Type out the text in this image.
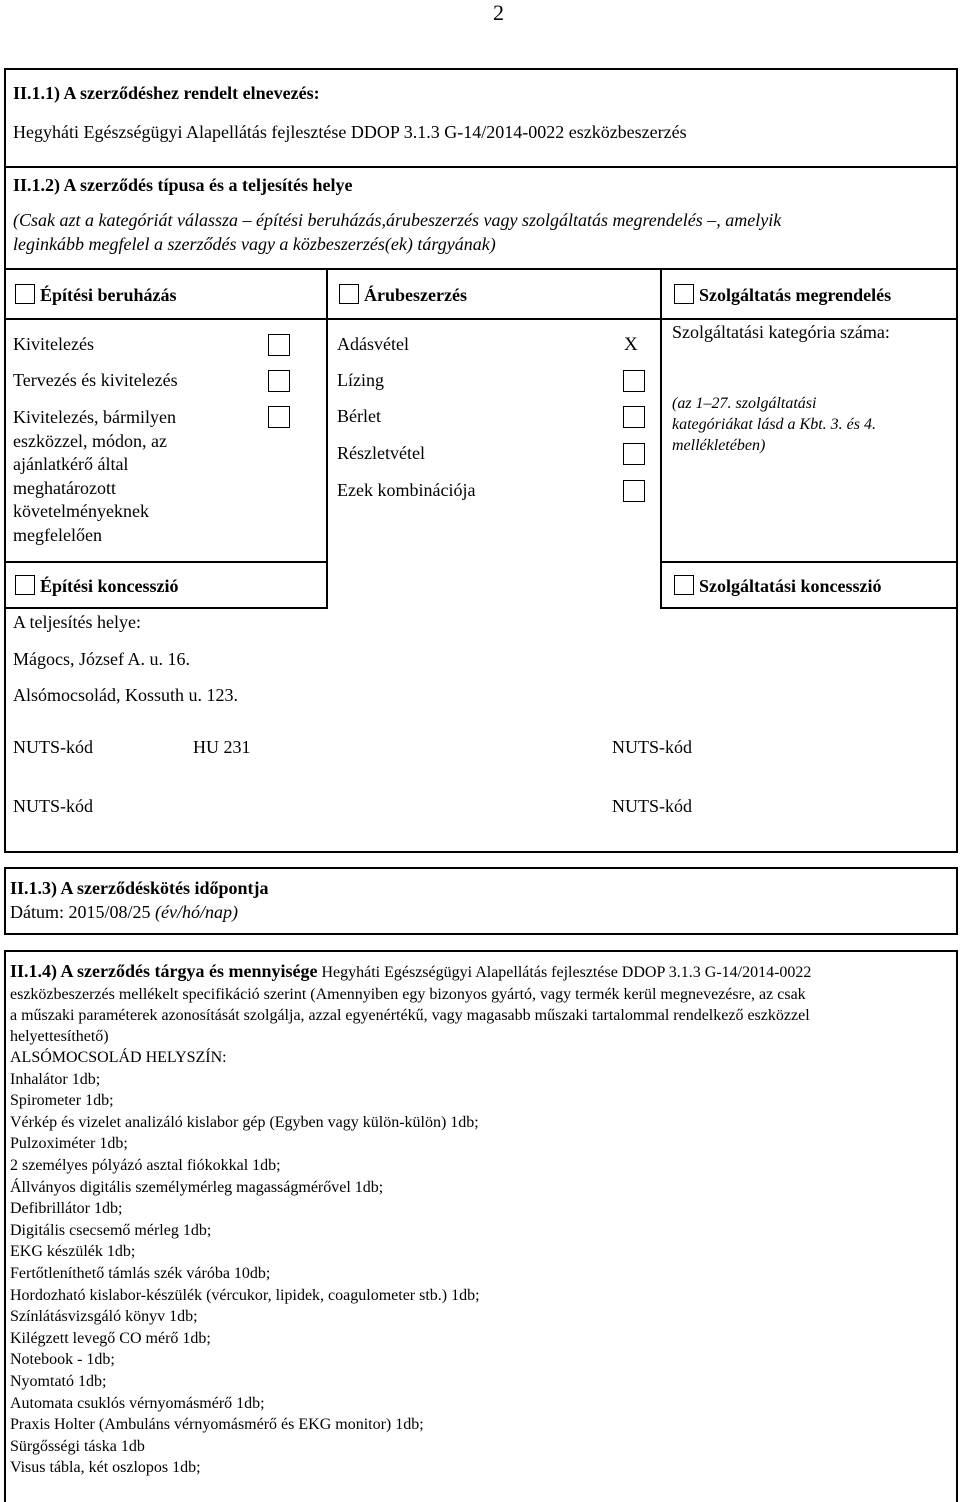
2
II.1.1) A szerződéshez rendelt elnevezés:
Hegyháti Egészségügyi Alapellátás fejlesztése DDOP 3.1.3 G-14/2014-0022 eszközbeszerzés
II.1.2) A szerződés típusa és a teljesítés helye
(Csak azt a kategóriát válassza – építési beruházás,árubeszerzés vagy szolgáltatás megrendelés –, amelyik
leginkább megfelel a szerződés vagy a közbeszerzés(ek) tárgyának)
Építési beruházás	Árubeszerzés	Szolgáltatás megrendelés
Kivitelezés
Tervezés és kivitelezés
Kivitelezés, bármilyen
eszközzel, módon, az
ajánlatkérő által
meghatározott
követelményeknek
megfelelően
Adásvétel	X
Lízing
Bérlet
Részletvétel
Ezek kombinációja
Szolgáltatási kategória száma:
(az 1–27. szolgáltatási
kategóriákat lásd a Kbt. 3. és 4.
mellékletében)
Építési koncesszió	Szolgáltatási koncesszió
A teljesítés helye:
Mágocs, József A. u. 16.
Alsómocsolád, Kossuth u. 123.
NUTS-kód	HU 231	NUTS-kód
NUTS-kód	NUTS-kód
II.1.3) A szerződéskötés időpontja
Dátum: 2015/08/25 (év/hó/nap)
II.1.4) A szerződés tárgya és mennyisége Hegyháti Egészségügyi Alapellátás fejlesztése DDOP 3.1.3 G-14/2014-0022
eszközbeszerzés mellékelt specifikáció szerint (Amennyiben egy bizonyos gyártó, vagy termék kerül megnevezésre, az csak
a műszaki paraméterek azonosítását szolgálja, azzal egyenértékű, vagy magasabb műszaki tartalommal rendelkező eszközzel
helyettesíthető)
ALSÓMOCSOLÁD HELYSZÍN:
Inhalátor 1db;
Spirometer 1db;
Vérkép és vizelet analizáló kislabor gép (Egyben vagy külön-külön) 1db;
Pulzoximéter 1db;
2 személyes pólyázó asztal fiókokkal 1db;
Állványos digitális személymérleg magasságmérővel 1db;
Defibrillátor 1db;
Digitális csecsemő mérleg 1db;
EKG készülék 1db;
Fertőtleníthető támlás szék váróba 10db;
Hordozható kislabor-készülék (vércukor, lipidek, coagulometer stb.) 1db;
Színlátásvizsgáló könyv 1db;
Kilégzett levegő CO mérő 1db;
Notebook - 1db;
Nyomtató 1db;
Automata csuklós vérnyomásmérő 1db;
Praxis Holter (Ambuláns vérnyomásmérő és EKG monitor) 1db;
Sürgősségi táska 1db
Visus tábla, két oszlopos 1db;
